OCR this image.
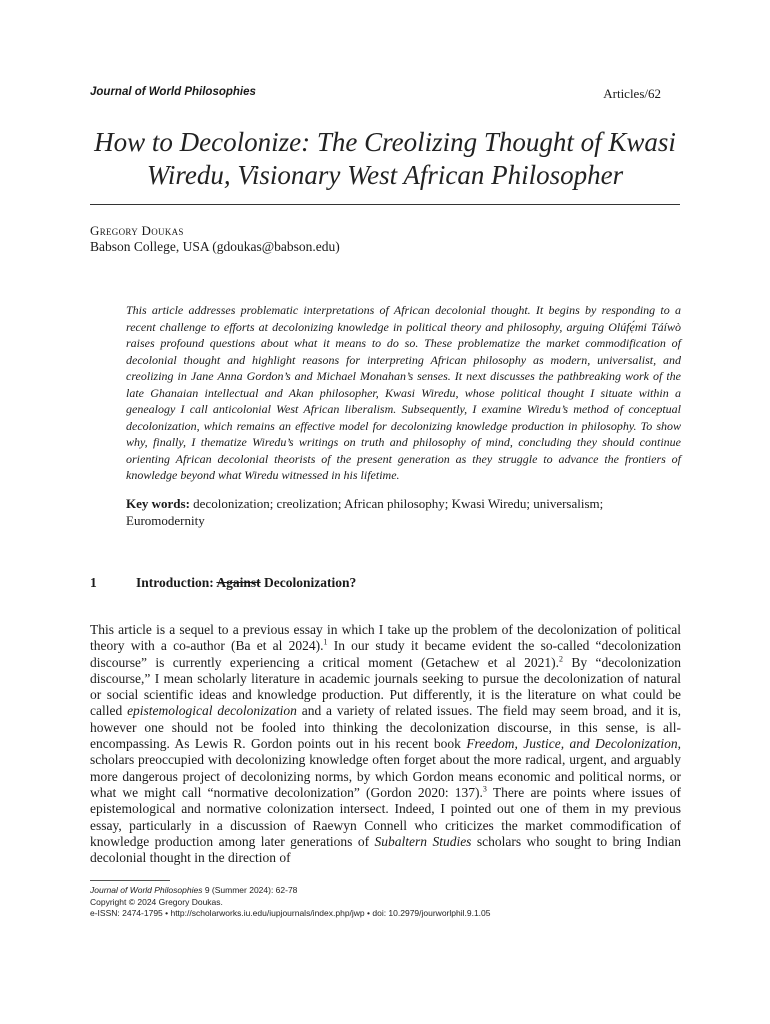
Journal of World Philosophies	Articles/62
How to Decolonize: The Creolizing Thought of Kwasi
Wiredu, Visionary West African Philosopher
Gregory Doukas
Babson College, USA (gdoukas@babson.edu)
This article addresses problematic interpretations of African decolonial thought. It begins by responding to a recent challenge to efforts at decolonizing knowledge in political theory and philosophy, arguing Olúfẹ́mi Táíwò raises profound questions about what it means to do so. These problematize the market commodification of decolonial thought and highlight reasons for interpreting African philosophy as modern, universalist, and creolizing in Jane Anna Gordon’s and Michael Monahan’s senses. It next discusses the pathbreaking work of the late Ghanaian intellectual and Akan philosopher, Kwasi Wiredu, whose political thought I situate within a genealogy I call anticolonial West African liberalism. Subsequently, I examine Wiredu’s method of conceptual decolonization, which remains an effective model for decolonizing knowledge production in philosophy. To show why, finally, I thematize Wiredu’s writings on truth and philosophy of mind, concluding they should continue orienting African decolonial theorists of the present generation as they struggle to advance the frontiers of knowledge beyond what Wiredu witnessed in his lifetime.
Key words: decolonization; creolization; African philosophy; Kwasi Wiredu; universalism; Euromodernity
1	Introduction: Against Decolonization?
This article is a sequel to a previous essay in which I take up the problem of the decolonization of political theory with a co-author (Ba et al 2024).$^1$ In our study it became evident the so-called “decolonization discourse” is currently experiencing a critical moment (Getachew et al 2021).$^2$ By “decolonization discourse,” I mean scholarly literature in academic journals seeking to pursue the decolonization of natural or social scientific ideas and knowledge production. Put differently, it is the literature on what could be called epistemological decolonization and a variety of related issues. The field may seem broad, and it is, however one should not be fooled into thinking the decolonization discourse, in this sense, is all-encompassing. As Lewis R. Gordon points out in his recent book Freedom, Justice, and Decolonization, scholars preoccupied with decolonizing knowledge often forget about the more radical, urgent, and arguably more dangerous project of decolonizing norms, by which Gordon means economic and political norms, or what we might call “normative decolonization” (Gordon 2020: 137).$^3$ There are points where issues of epistemological and normative colonization intersect. Indeed, I pointed out one of them in my previous essay, particularly in a discussion of Raewyn Connell who criticizes the market commodification of knowledge production among later generations of Subaltern Studies scholars who sought to bring Indian decolonial thought in the direction of
Journal of World Philosophies 9 (Summer 2024): 62-78
Copyright © 2024 Gregory Doukas.
e-ISSN: 2474-1795 • http://scholarworks.iu.edu/iupjournals/index.php/jwp • doi: 10.2979/jourworlphil.9.1.05
